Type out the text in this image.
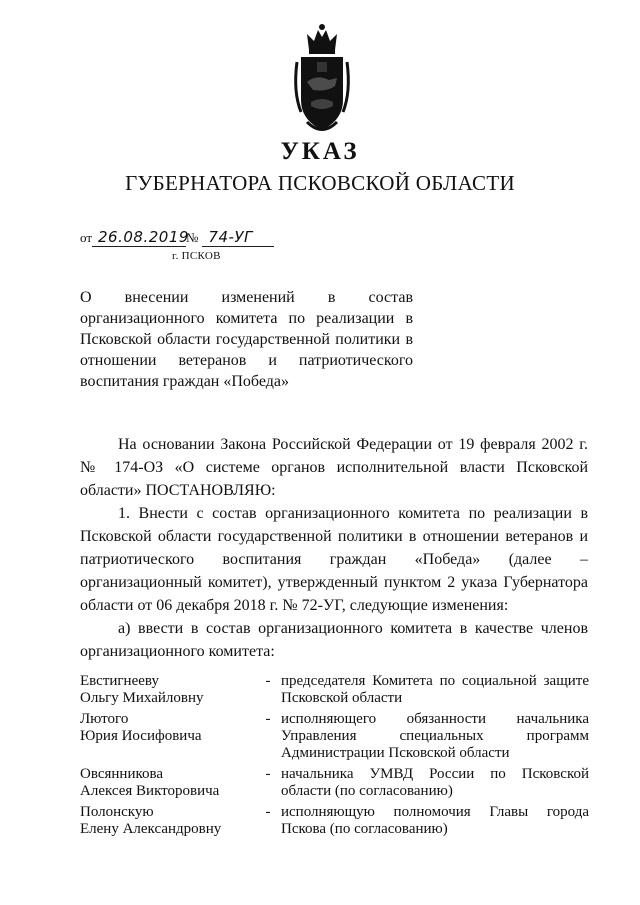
УКАЗ
ГУБЕРНАТОРА ПСКОВСКОЙ ОБЛАСТИ
от 26.08.2019№ 74-УГ
г. ПСКОВ
О внесении изменений в состав организационного комитета по реализации в Псковской области государственной политики в отношении ветеранов и патриотического воспитания граждан «Победа»

На основании Закона Российской Федерации от 19 февраля 2002 г. № 174-ОЗ «О системе органов исполнительной власти Псковской области» ПОСТАНОВЛЯЮ:

1. Внести с состав организационного комитета по реализации в Псковской области государственной политики в отношении ветеранов и патриотического воспитания граждан «Победа» (далее – организационный комитет), утвержденный пунктом 2 указа Губернатора области от 06 декабря 2018 г. № 72-УГ, следующие изменения:

а) ввести в состав организационного комитета в качестве членов организационного комитета:

Евстигнееву
Ольгу Михайловну
- председателя Комитета по социальной защите Псковской области
Лютого
Юрия Иосифовича
- исполняющего обязанности начальника Управления специальных программ Администрации Псковской области
Овсянникова
Алексея Викторовича
- начальника УМВД России по Псковской области (по согласованию)
Полонскую
Елену Александровну
- исполняющую полномочия Главы города Пскова (по согласованию)
